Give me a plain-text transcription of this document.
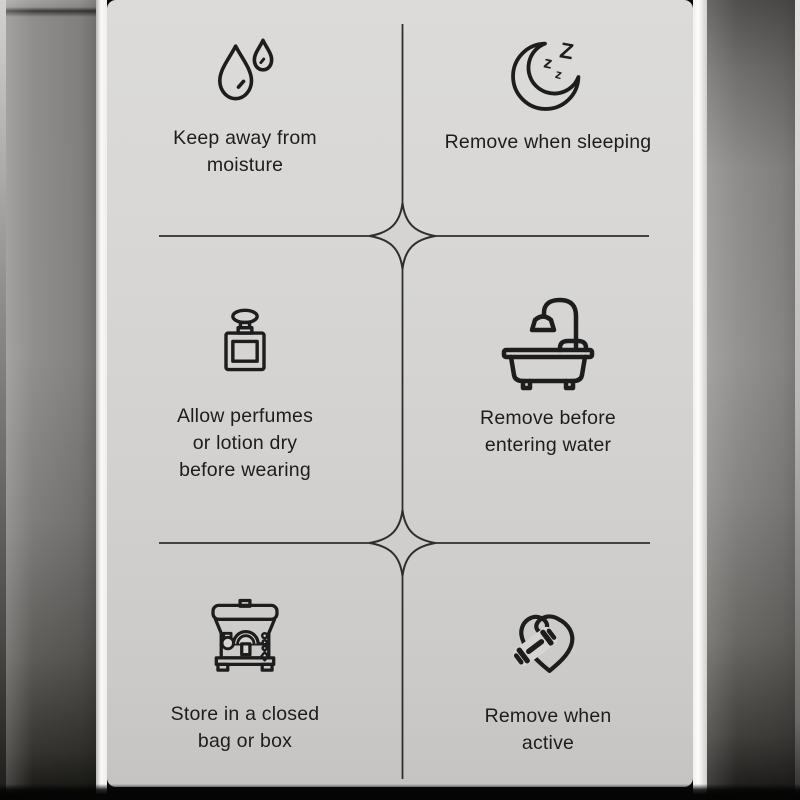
Keep away from
moisture
Z
z
z
Remove when sleeping
Allow perfumes
or lotion dry
before wearing
Remove before
entering water
Store in a closed
bag or box
Remove when
active
